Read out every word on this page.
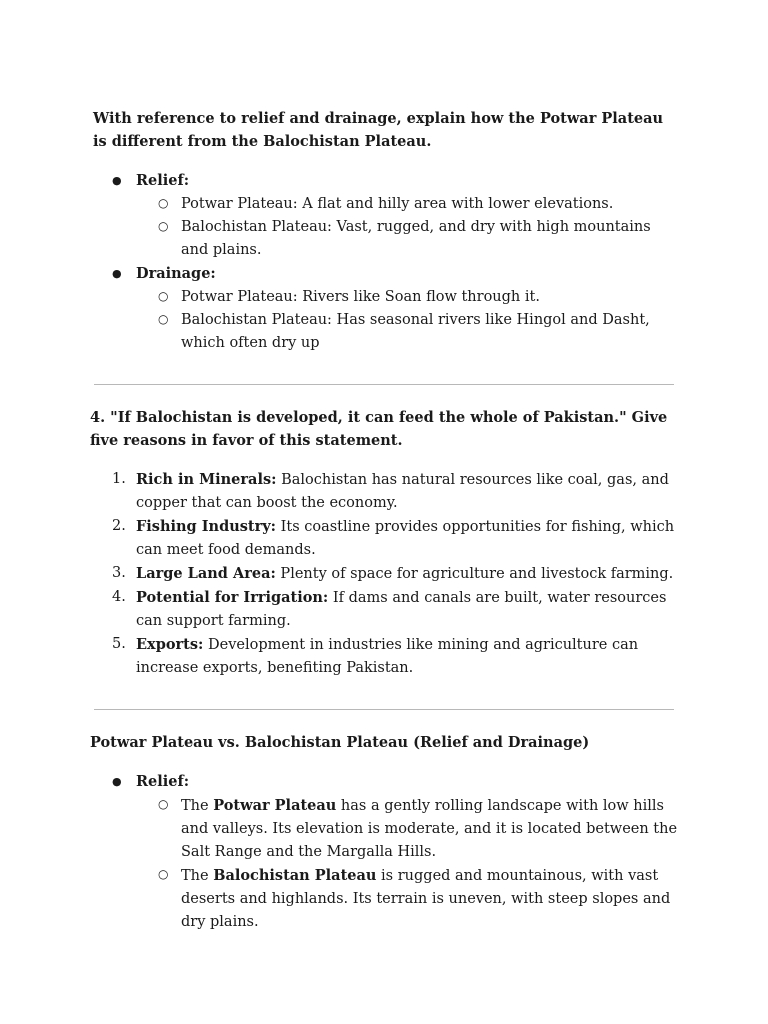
With reference to relief and drainage, explain how the Potwar Plateau is different from the Balochistan Plateau.

● Relief:
○ Potwar Plateau: A flat and hilly area with lower elevations.
○ Balochistan Plateau: Vast, rugged, and dry with high mountains and plains.
● Drainage:
○ Potwar Plateau: Rivers like Soan flow through it.
○ Balochistan Plateau: Has seasonal rivers like Hingol and Dasht, which often dry up

4. "If Balochistan is developed, it can feed the whole of Pakistan." Give five reasons in favor of this statement.

1. Rich in Minerals: Balochistan has natural resources like coal, gas, and copper that can boost the economy.
2. Fishing Industry: Its coastline provides opportunities for fishing, which can meet food demands.
3. Large Land Area: Plenty of space for agriculture and livestock farming.
4. Potential for Irrigation: If dams and canals are built, water resources can support farming.
5. Exports: Development in industries like mining and agriculture can increase exports, benefiting Pakistan.

Potwar Plateau vs. Balochistan Plateau (Relief and Drainage)

● Relief:
○ The Potwar Plateau has a gently rolling landscape with low hills and valleys. Its elevation is moderate, and it is located between the Salt Range and the Margalla Hills.
○ The Balochistan Plateau is rugged and mountainous, with vast deserts and highlands. Its terrain is uneven, with steep slopes and dry plains.
